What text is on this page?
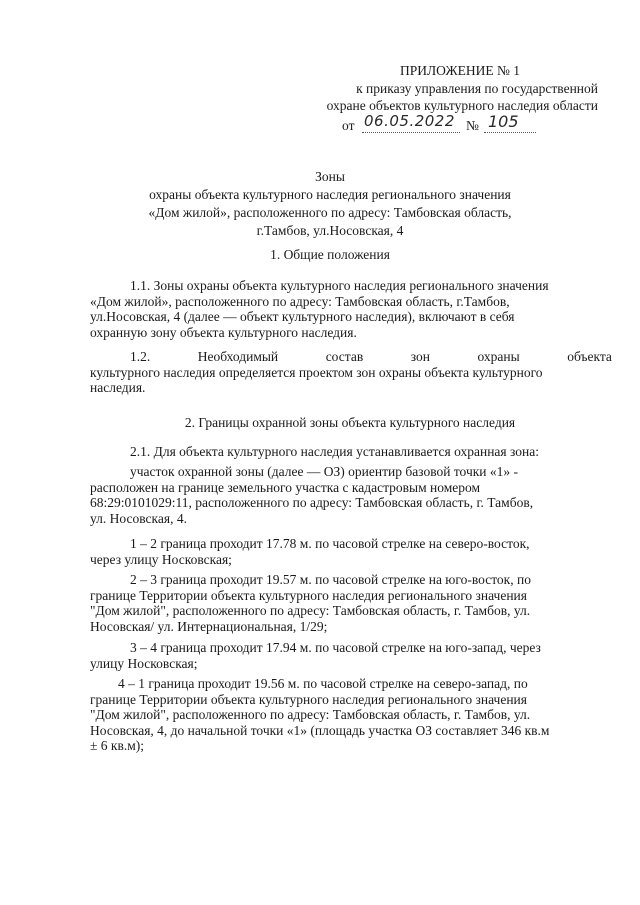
ПРИЛОЖЕНИЕ № 1
к приказу управления по государственной
охране объектов культурного наследия области
от 06.05.2022 № 105
Зоны
охраны объекта культурного наследия регионального значения
«Дом жилой», расположенного по адресу: Тамбовская область,
г.Тамбов, ул.Носовская, 4
1. Общие положения
1.1. Зоны охраны объекта культурного наследия регионального значения
«Дом жилой», расположенного по адресу: Тамбовская область, г.Тамбов,
ул.Носовская, 4 (далее — объект культурного наследия), включают в себя
охранную зону объекта культурного наследия.
1.2.	Необходимый	состав	зон	охраны	объекта
культурного наследия определяется проектом зон охраны объекта культурного
наследия.
2. Границы охранной зоны объекта культурного наследия
2.1. Для объекта культурного наследия устанавливается охранная зона:
участок охранной зоны (далее — ОЗ) ориентир базовой точки «1» -
расположен на границе земельного участка с кадастровым номером
68:29:0101029:11, расположенного по адресу: Тамбовская область, г. Тамбов,
ул. Носовская, 4.
1 – 2 граница проходит 17.78 м. по часовой стрелке на северо-восток,
через улицу Носковская;
2 – 3 граница проходит 19.57 м. по часовой стрелке на юго-восток, по
границе Территории объекта культурного наследия регионального значения
"Дом жилой", расположенного по адресу: Тамбовская область, г. Тамбов, ул.
Носовская/ ул. Интернациональная, 1/29;
3 – 4 граница проходит 17.94 м. по часовой стрелке на юго-запад, через
улицу Носковская;
4 – 1 граница проходит 19.56 м. по часовой стрелке на северо-запад, по
границе Территории объекта культурного наследия регионального значения
"Дом жилой", расположенного по адресу: Тамбовская область, г. Тамбов, ул.
Носовская, 4, до начальной точки «1» (площадь участка ОЗ составляет 346 кв.м
± 6 кв.м);
